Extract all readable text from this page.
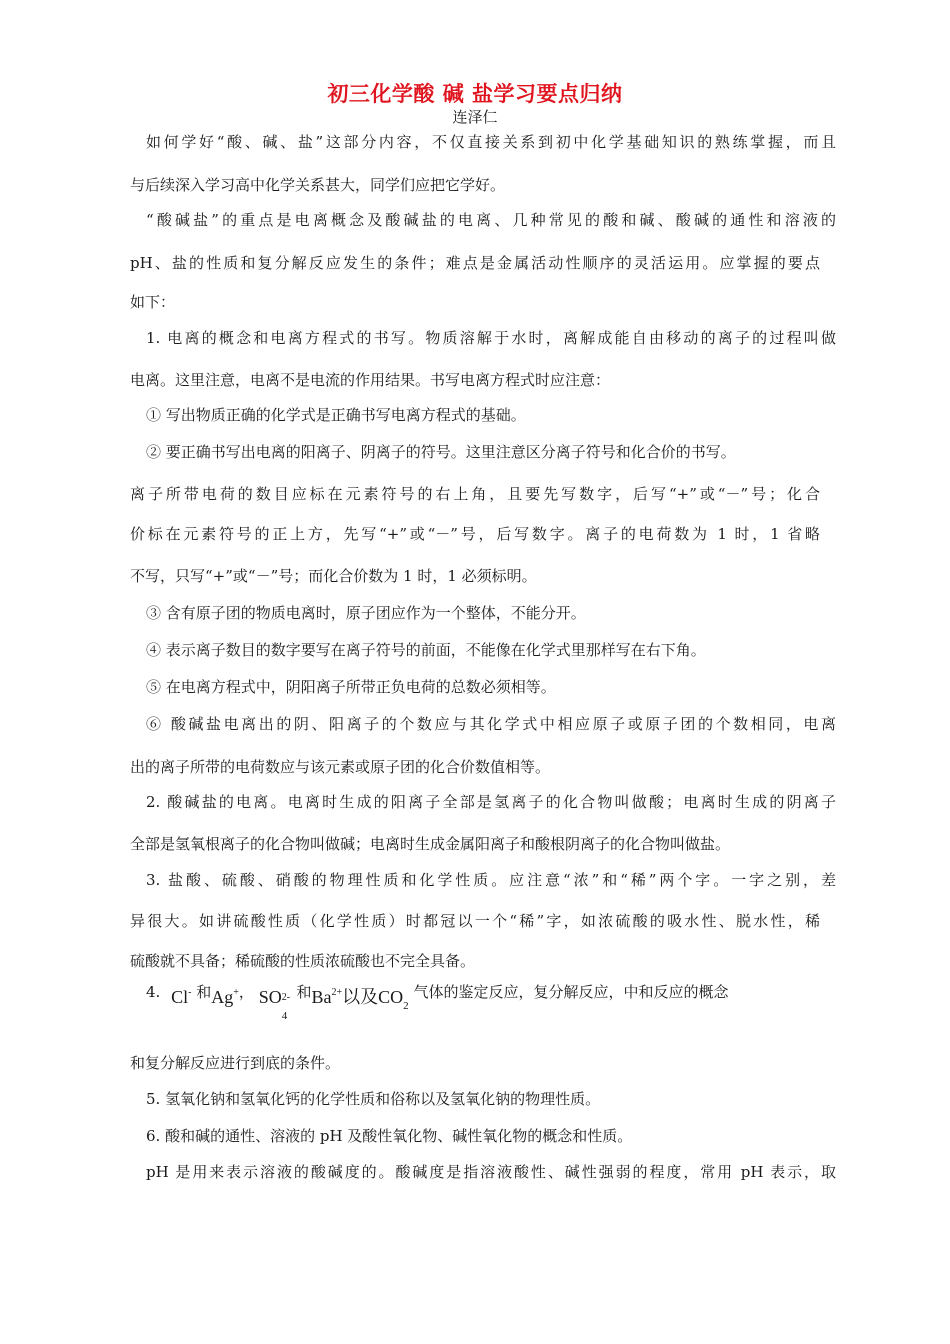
初三化学酸 碱 盐学习要点归纳
连泽仁
如何学好“酸、碱、盐”这部分内容，不仅直接关系到初中化学基础知识的熟练掌握，而且
与后续深入学习高中化学关系甚大，同学们应把它学好。
“酸碱盐”的重点是电离概念及酸碱盐的电离、几种常见的酸和碱、酸碱的通性和溶液的
pH、盐的性质和复分解反应发生的条件；难点是金属活动性顺序的灵活运用。应掌握的要点
如下：
1. 电离的概念和电离方程式的书写。物质溶解于水时，离解成能自由移动的离子的过程叫做
电离。这里注意，电离不是电流的作用结果。书写电离方程式时应注意：
① 写出物质正确的化学式是正确书写电离方程式的基础。
② 要正确书写出电离的阳离子、阴离子的符号。这里注意区分离子符号和化合价的书写。
离子所带电荷的数目应标在元素符号的右上角，且要先写数字，后写“+”或“－”号；化合
价标在元素符号的正上方，先写“+”或“－”号，后写数字。离子的电荷数为 1 时，1 省略
不写，只写“+”或“－”号；而化合价数为 1 时，1 必须标明。
③ 含有原子团的物质电离时，原子团应作为一个整体，不能分开。
④ 表示离子数目的数字要写在离子符号的前面，不能像在化学式里那样写在右下角。
⑤ 在电离方程式中，阴阳离子所带正负电荷的总数必须相等。
⑥ 酸碱盐电离出的阴、阳离子的个数应与其化学式中相应原子或原子团的个数相同，电离
出的离子所带的电荷数应与该元素或原子团的化合价数值相等。
2. 酸碱盐的电离。电离时生成的阳离子全部是氢离子的化合物叫做酸；电离时生成的阴离子
全部是氢氧根离子的化合物叫做碱；电离时生成金属阳离子和酸根阴离子的化合物叫做盐。
3. 盐酸、硫酸、硝酸的物理性质和化学性质。应注意“浓”和“稀”两个字。一字之别，差
异很大。如讲硫酸性质（化学性质）时都冠以一个“稀”字，如浓硫酸的吸水性、脱水性，稀
硫酸就不具备；稀硫酸的性质浓硫酸也不完全具备。
4. Cl- 和Ag+， SO 2-
4
和$Ba^{2+}$以及$CO_2$ 气体的鉴定反应，复分解反应，中和反应的概念
和复分解反应进行到底的条件。
5. 氢氧化钠和氢氧化钙的化学性质和俗称以及氢氧化钠的物理性质。
6. 酸和碱的通性、溶液的 pH 及酸性氧化物、碱性氧化物的概念和性质。
pH 是用来表示溶液的酸碱度的。酸碱度是指溶液酸性、碱性强弱的程度，常用 pH 表示，取
